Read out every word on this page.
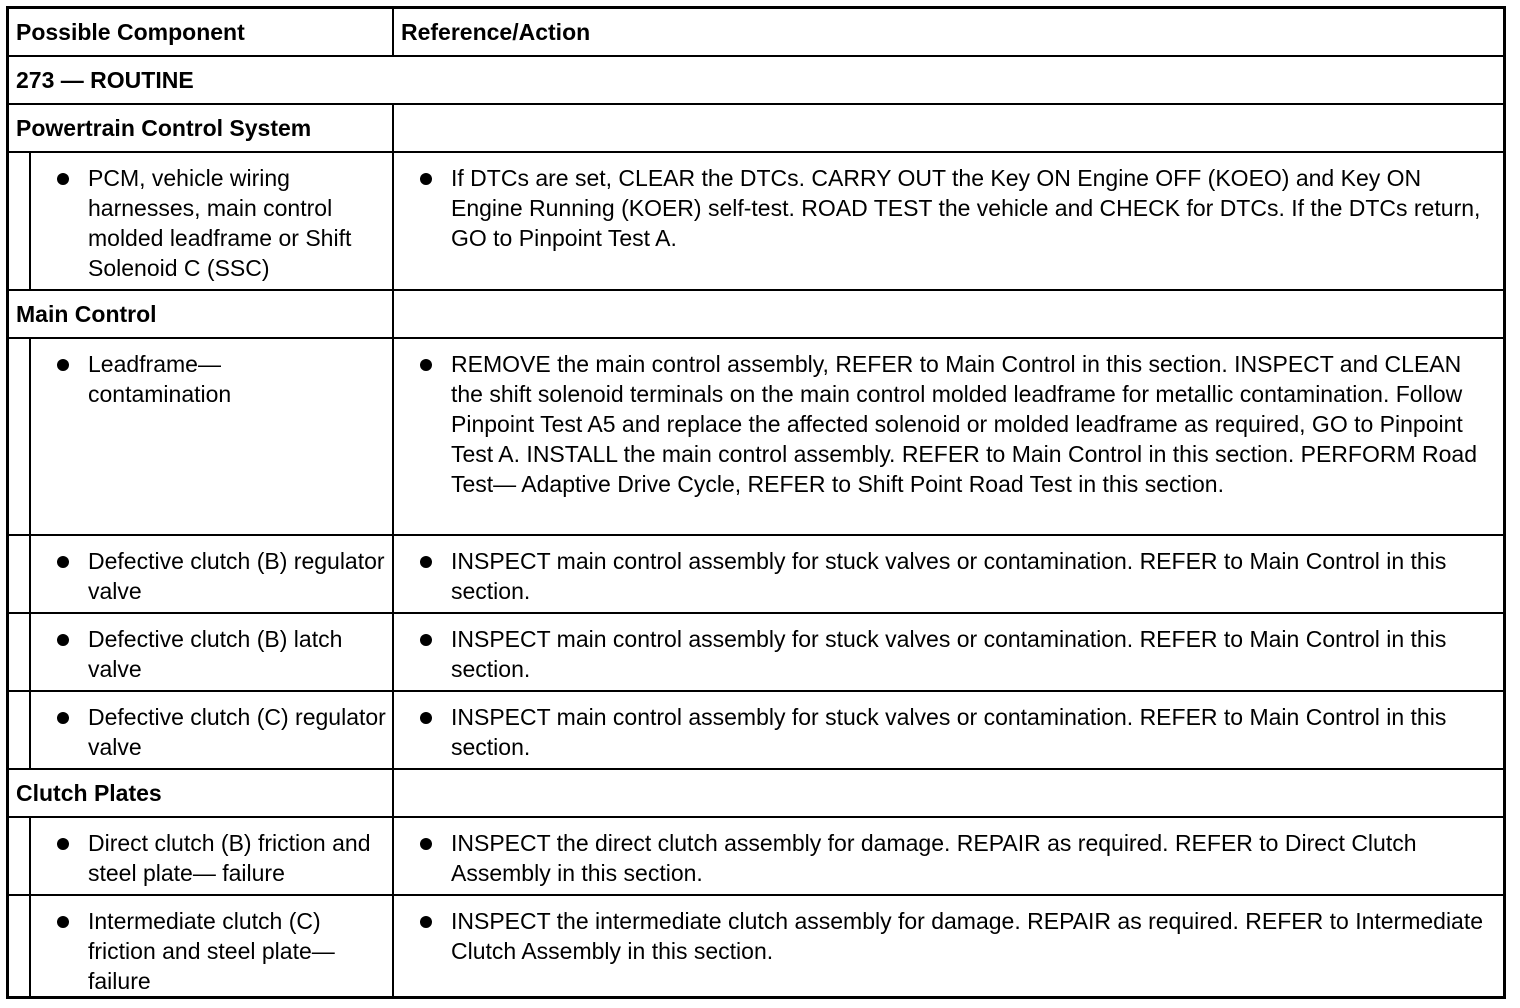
Possible Component	Reference/Action
273 — ROUTINE
Powertrain Control System
PCM, vehicle wiring harnesses, main control molded leadframe or Shift Solenoid C (SSC)
If DTCs are set, CLEAR the DTCs. CARRY OUT the Key ON Engine OFF (KOEO) and Key ON Engine Running (KOER) self-test. ROAD TEST the vehicle and CHECK for DTCs. If the DTCs return, GO to Pinpoint Test A.
Main Control
Leadframe— contamination
REMOVE the main control assembly, REFER to Main Control in this section. INSPECT and CLEAN the shift solenoid terminals on the main control molded leadframe for metallic contamination. Follow Pinpoint Test A5 and replace the affected solenoid or molded leadframe as required, GO to Pinpoint Test A. INSTALL the main control assembly. REFER to Main Control in this section. PERFORM Road Test— Adaptive Drive Cycle, REFER to Shift Point Road Test in this section.
Defective clutch (B) regulator valve
INSPECT main control assembly for stuck valves or contamination. REFER to Main Control in this section.
Defective clutch (B) latch valve
INSPECT main control assembly for stuck valves or contamination. REFER to Main Control in this section.
Defective clutch (C) regulator valve
INSPECT main control assembly for stuck valves or contamination. REFER to Main Control in this section.
Clutch Plates
Direct clutch (B) friction and steel plate— failure
INSPECT the direct clutch assembly for damage. REPAIR as required. REFER to Direct Clutch Assembly in this section.
Intermediate clutch (C) friction and steel plate— failure
INSPECT the intermediate clutch assembly for damage. REPAIR as required. REFER to Intermediate Clutch Assembly in this section.
